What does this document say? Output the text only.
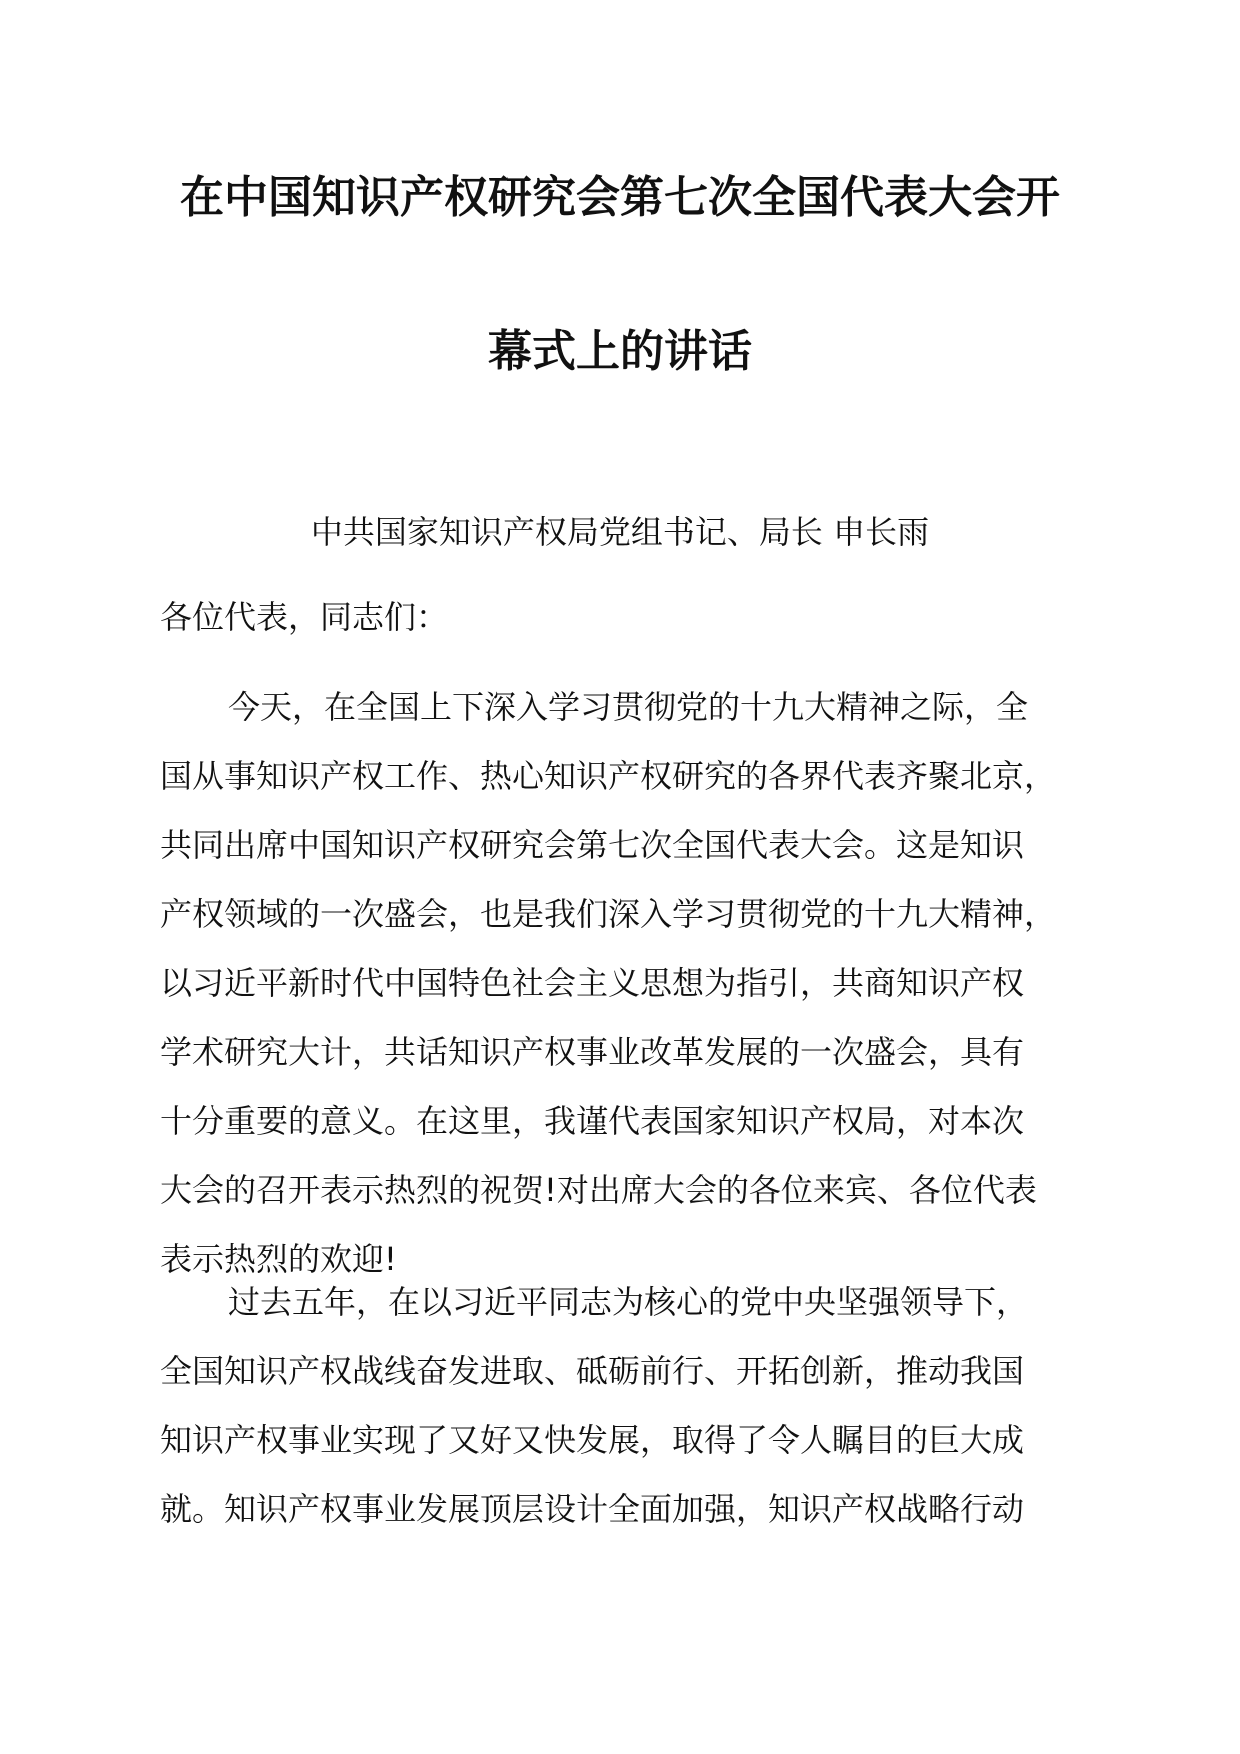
在中国知识产权研究会第七次全国代表大会开
幕式上的讲话

中共国家知识产权局党组书记、局长 申长雨

各位代表，同志们：

今天，在全国上下深入学习贯彻党的十九大精神之际，全
国从事知识产权工作、热心知识产权研究的各界代表齐聚北京，
共同出席中国知识产权研究会第七次全国代表大会。这是知识
产权领域的一次盛会，也是我们深入学习贯彻党的十九大精神，
以习近平新时代中国特色社会主义思想为指引，共商知识产权
学术研究大计，共话知识产权事业改革发展的一次盛会，具有
十分重要的意义。在这里，我谨代表国家知识产权局，对本次
大会的召开表示热烈的祝贺!对出席大会的各位来宾、各位代表
表示热烈的欢迎!
过去五年，在以习近平同志为核心的党中央坚强领导下，
全国知识产权战线奋发进取、砥砺前行、开拓创新，推动我国
知识产权事业实现了又好又快发展，取得了令人瞩目的巨大成
就。知识产权事业发展顶层设计全面加强，知识产权战略行动
